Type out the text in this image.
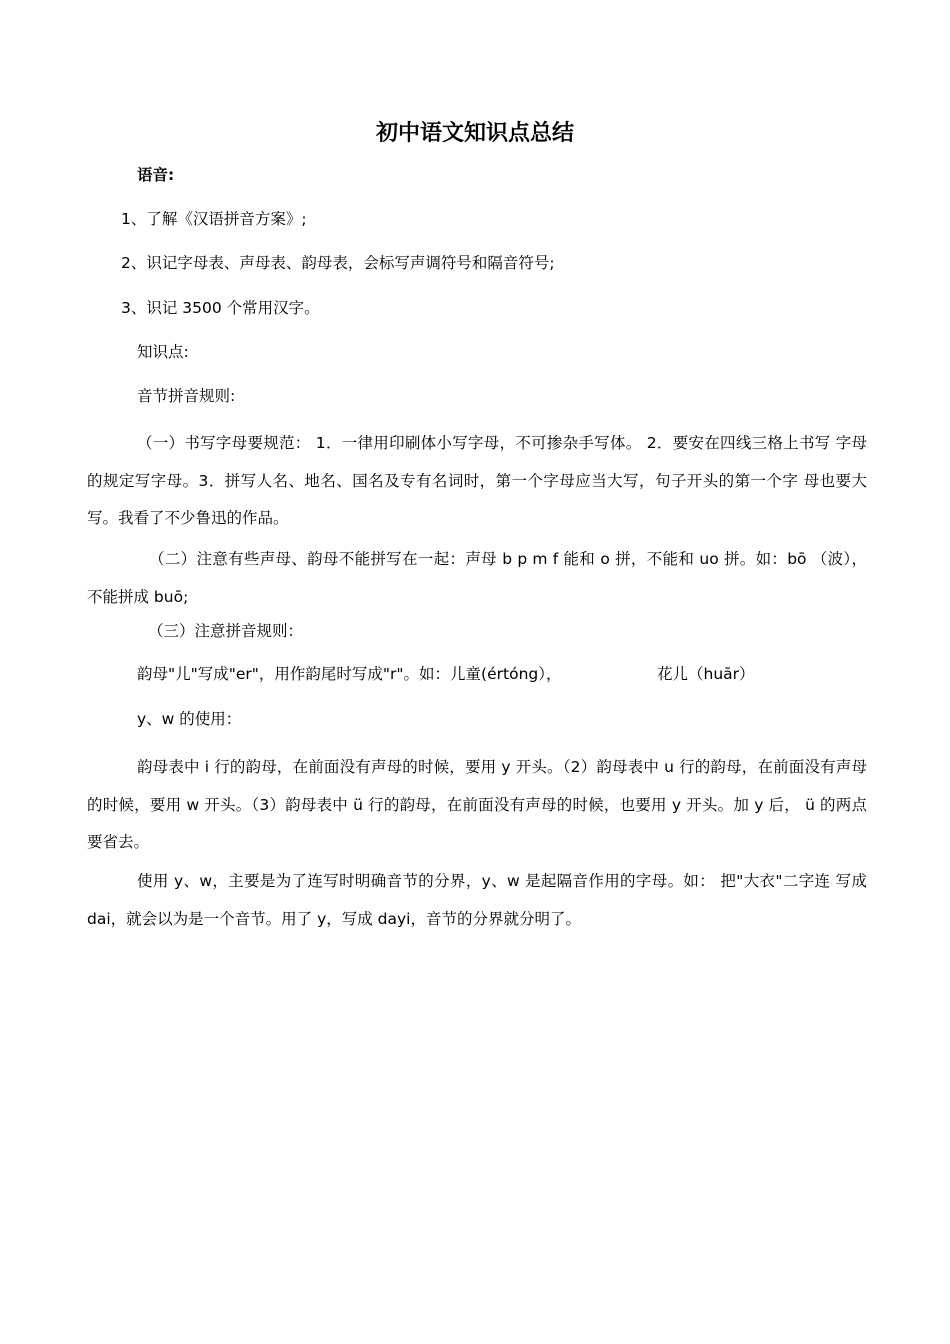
初中语文知识点总结
语音:
1、了解《汉语拼音方案》;
2、识记字母表、声母表、韵母表，会标写声调符号和隔音符号;
3、识记 3500 个常用汉字。
知识点:
音节拼音规则:
（一）书写字母要规范： 1．一律用印刷体小写字母，不可掺杂手写体。 2．要安在四线三格上书写 字母的规定写字母。3．拼写人名、地名、国名及专有名词时，第一个字母应当大写，句子开头的第一个字 母也要大写。我看了不少鲁迅的作品。
（二）注意有些声母、韵母不能拼写在一起：声母 b p m f 能和 o 拼，不能和 uo 拼。如：bō （波），不能拼成 buō;
（三）注意拼音规则：
韵母"儿"写成"er"，用作韵尾时写成"r"。如：儿童(értóng），	花儿（huār）
y、w 的使用：
韵母表中 i 行的韵母，在前面没有声母的时候，要用 y 开头。（2）韵母表中 u 行的韵母，在前面没有声母的时候，要用 w 开头。（3）韵母表中 ü 行的韵母，在前面没有声母的时候，也要用 y 开头。加 y 后， ü 的两点要省去。
使用 y、w，主要是为了连写时明确音节的分界，y、w 是起隔音作用的字母。如： 把"大衣"二字连 写成 dai，就会以为是一个音节。用了 y，写成 dayi，音节的分界就分明了。
